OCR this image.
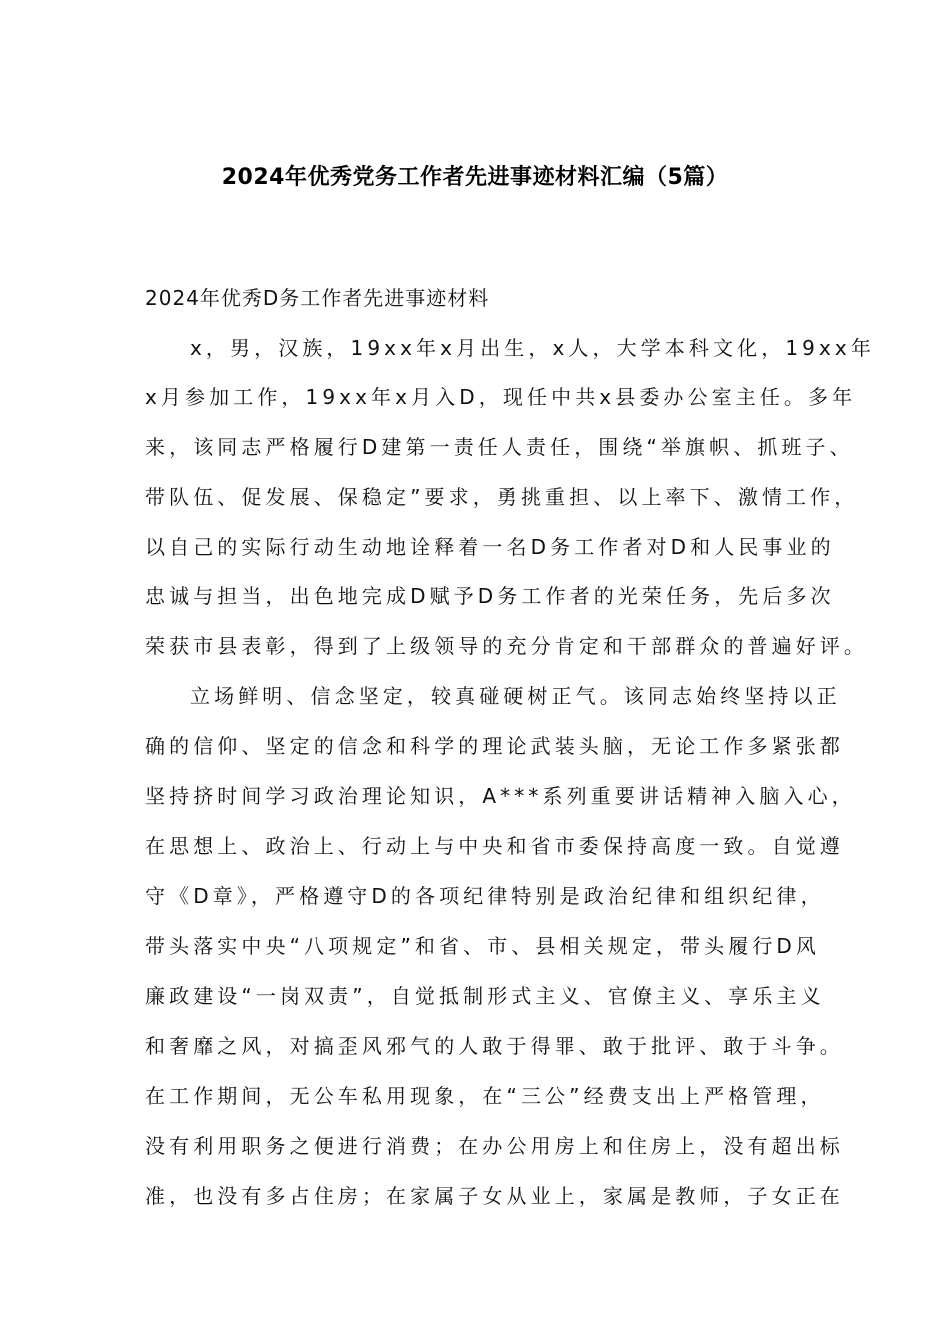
2024年优秀党务工作者先进事迹材料汇编（5篇）
2024年优秀D务工作者先进事迹材料
x，男，汉族，19xx年x月出生，x人，大学本科文化，19xx年
x月参加工作，19xx年x月入D，现任中共x县委办公室主任。多年
来，该同志严格履行D建第一责任人责任，围绕“举旗帜、抓班子、
带队伍、促发展、保稳定”要求，勇挑重担、以上率下、激情工作，
以自己的实际行动生动地诠释着一名D务工作者对D和人民事业的
忠诚与担当，出色地完成D赋予D务工作者的光荣任务，先后多次
荣获市县表彰，得到了上级领导的充分肯定和干部群众的普遍好评。
立场鲜明、信念坚定，较真碰硬树正气。该同志始终坚持以正
确的信仰、坚定的信念和科学的理论武装头脑，无论工作多紧张都
坚持挤时间学习政治理论知识，A***系列重要讲话精神入脑入心，
在思想上、政治上、行动上与中央和省市委保持高度一致。自觉遵
守《D章》，严格遵守D的各项纪律特别是政治纪律和组织纪律，
带头落实中央“八项规定”和省、市、县相关规定，带头履行D风
廉政建设“一岗双责”，自觉抵制形式主义、官僚主义、享乐主义
和奢靡之风，对搞歪风邪气的人敢于得罪、敢于批评、敢于斗争。
在工作期间，无公车私用现象，在“三公”经费支出上严格管理，
没有利用职务之便进行消费；在办公用房上和住房上，没有超出标
准，也没有多占住房；在家属子女从业上，家属是教师，子女正在
